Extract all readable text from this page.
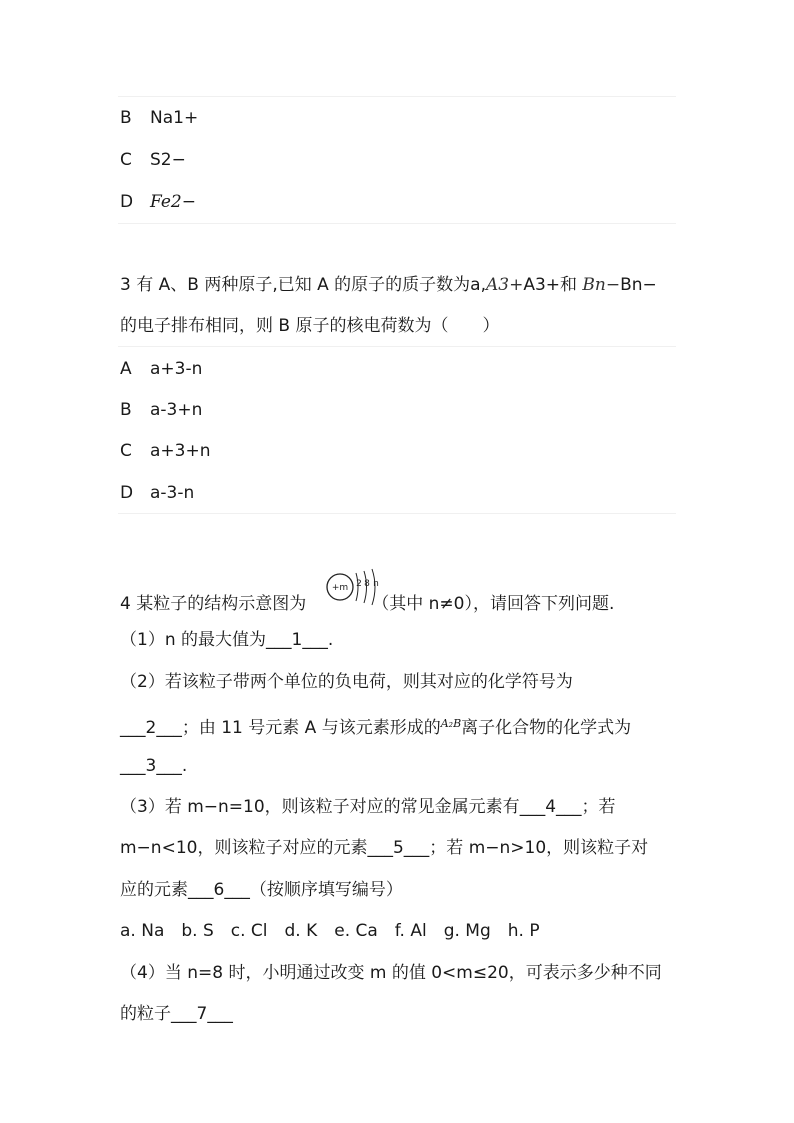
B Na1+
C S2−
D Fe2−
3 有 A、B 两种原子,已知 A 的原子的质子数为a,A3+A3+和 Bn−Bn−
的电子排布相同，则 B 原子的核电荷数为（　　）
A a+3-n
B a-3+n
C a+3+n
D a-3-n
4 某粒子的结构示意图为	（其中 n≠0），请回答下列问题.
+m 2 8 n
（1）n 的最大值为___1___.
（2）若该粒子带两个单位的负电荷，则其对应的化学符号为
___2___；由 11 号元素 A 与该元素形成的$^{A_2B}$离子化合物的化学式为
___3___.
（3）若 m−n=10，则该粒子对应的常见金属元素有___4___；若
m−n<10，则该粒子对应的元素___5___；若 m−n>10，则该粒子对
应的元素___6___（按顺序填写编号）
a. Na　b. S　c. Cl　d. K　e. Ca　f. Al　g. Mg　h. P
（4）当 n=8 时，小明通过改变 m 的值 0<m≤20，可表示多少种不同
的粒子___7___
